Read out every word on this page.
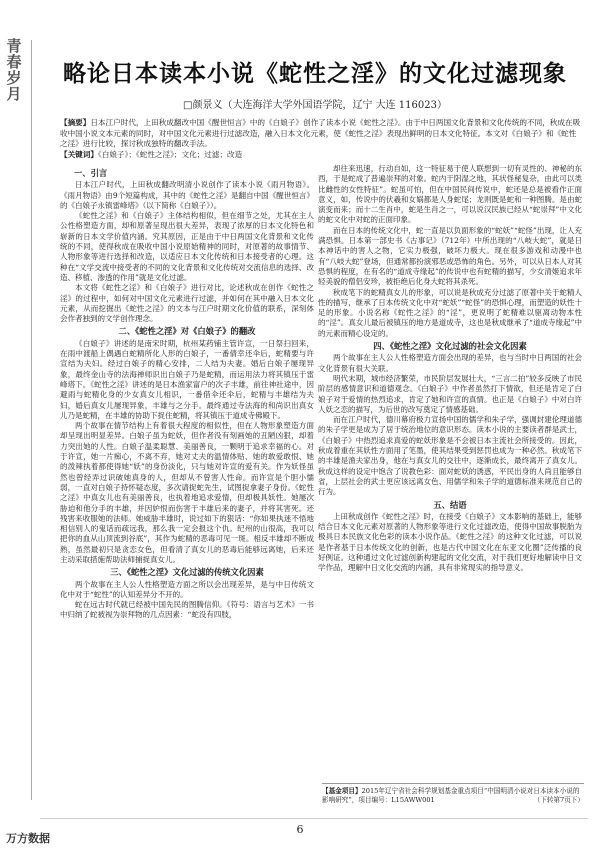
青春岁月
略论日本读本小说《蛇性之淫》的文化过滤现象
□颜景义（大连海洋大学外国语学院，辽宁 大连 116023）
【摘要】日本江户时代，上田秋成翻改中国《醒世恒言》中的《白娘子》创作了读本小说《蛇性之淫》。由于中日两国文化背景和文化传统的不同，秋成在吸收中国小说文本元素的同时，对中国文化元素进行过滤改造，融入日本文化元素，使《蛇性之淫》表现出鲜明的日本文化特征。本文对《白娘子》和《蛇性之淫》进行比较，探讨秋成独特的翻改手法。
【关键词】《白娘子》；《蛇性之淫》；文化；过滤；改造
一、引言

日本江户时代，上田秋成翻改明清小说创作了读本小说《雨月物语》。《雨月物语》由9个短篇构成，其中的《蛇性之淫》是翻自中国《醒世恒言》的《白娘子永镇雷峰塔》（以下简称《白娘子》）。

《蛇性之淫》和《白娘子》主体结构相似，但在细节之处，尤其在主人公性格塑造方面，却和原著呈现出很大差异，表现了浓厚的日本文化特色和崭新的日本文学价值内涵。究其原因，正是由于中日两国文化背景和文化传统的不同，使得秋成在吸收中国小说原始精神的同时，对原著的故事情节、人物形象等进行选择和改造，以适应日本文化传统和日本接受者的心理。这种在“文学交流中接受者的不同的文化背景和文化传统对交流信息的选择、改造、移植、渗透的作用”就是文化过滤。

本文将《蛇性之淫》和《白娘子》进行对比，论述秋成在创作《蛇性之淫》的过程中，如何对中国文化元素进行过滤，并如何在其中融入日本文化元素，从而挖掘出《蛇性之淫》的文本与江户时期文化价值的联系，深刻体会作者独到的文学创作理念。

二、《蛇性之淫》对《白娘子》的翻改

《白娘子》讲述的是南宋时期，杭州某药铺主管许宣，一日祭扫回来，在雨中渡船上偶遇白蛇精所化人形的白娘子，一番倩幸还伞后，蛇精要与许宣结为夫妇。经过白娘子的精心安排，二人结为夫妻。婚后白娘子屡现异象，最终金山寺的法海禅师识出白娘子乃是蛇精，而运用法力将其镇压于雷峰塔下。《蛇性之淫》讲述的是日本渔家富户的次子丰雄，前往神社途中，因避雨与蛇精化身的少女真女儿相识，一番借伞还伞后，蛇精与丰雄结为夫妇，婚后真女儿屡现异象，丰雄与之分手。最终通过寺法海的和尚识出真女儿乃是蛇精，在丰雄的协助下捉住蛇精，将其镇压于道成寺佛殿下。

两个故事在情节结构上有着很大程度的相似性，但在人物形象塑造方面却呈现出明显差异。白娘子虽为蛇妖，但作者没有刻画她的丑陋凶狠，却着力突出她的人性。白娘子温柔聪慧、美丽善良，一颗明于追求幸福的心。对于许宣，她一片痴心，不离不弃，她对丈夫的温情体贴、她的敢爱敢恨、她的泼辣执着都使得她“妖”的身份淡化，只与她对许宣的爱有关。作为妖怪虽然也曾经弄过识破她真身的人，但却从不曾害人性命。而许宣是个胆小懦弱，一直对白娘子持怀疑态度，多次请捉蛇先生，试图捉拿妻子身份。《蛇性之淫》中真女儿也有美丽善良，也执着地追求爱情，但却极具妖性。她屡次胁迫和他分手的丰雄，并因妒恨而伤害于丰雄后来的妻子，并将其害死。还残害来收服她的法师。她威胁丰雄时，说过如下的狠话：“你如果执迷不悟地相信别人的鬼话而疏远我，那么我一定会报这个仇。纪州的山很高，我可以把你的血从山顶流到谷底”，其作为蛇精的恶毒可见一斑。相反丰雄却不断成熟，虽然最初只是贪恋女色，但看清了真女儿的恶毒后能够远离她，后来还主动采取措施帮助法师捕捉真女儿。

三、《蛇性之淫》文化过滤的传统文化因素

两个故事在主人公人性格塑造方面之所以会出现差异，是与中日传统文化中对于“蛇性”的认知差异分不开的。

蛇在远古时代就已经被中国先民的图腾信仰。《符号：语言与艺术》一书中归纳了蛇被视为崇拜物的几点因素：“蛇没有四肢，

却往来迅速，行动自如，这一特征易于使人联想到一切有灵性的、神秘的东西，于是蛇成了普遍崇拜的对象。蛇内于阴湿之地，其状怪秘复杂，由此可以类比雌性的女性特征”。蛇虽可怕，但在中国民间传说中，蛇还是总是被看作正面意义，如，传说中的伏羲和女娲都是人身蛇尾；龙则既是蛇和一种图腾。是由蛇演变而来；而十二生肖中，蛇是生肖之一，可以说汉民族已经从“蛇崇拜”中文化的蛇文化中对蛇的正面印象。

而在日本的传统文化中，蛇一直是以负面形象的“蛇妖”“蛇怪”出现，让人充满恐惧。日本第一部史书《古事记》（712年）中所出现的“八岐大蛇”，就是日本神话中的害人之物，它实力极强，破坏力极大。现在很多游戏和动漫中也有“八岐大蛇”登场，但通常都扮演邪恶或恐怖的角色。另外，可以从日本人对其恐惧的程度，在有名的“道成寺缘起”的传说中也有蛇精的描写，少女清姬追求年轻美貌的僧侣安珍，被拒绝后化身大蛇将其杀死。

秋成笔下的蛇精真女儿的形象，可以说是秋成充分过滤了原著中关于蛇精人性的描写，继承了日本传统文化中对“蛇妖”“蛇怪”的恐惧心理，而塑造的妖性十足的形象。小说名称《蛇性之淫》的“淫”，更说明了蛇精难以驱离动物本性的“淫”。真女儿最后被镇压的地方是道成寺，这也是秋成继承了“道成寺缘起”中的元素而精心设定的。

四、《蛇性之淫》文化过滤的社会文化因素

两个故事在主人公人性格塑造方面会出现的差异，也与当时中日两国的社会文化背景有很大关联。

明代末期，城市经济繁荣，市民阶层发展壮大，“三言二拍”较多反映了市民阶层的感情意识和道德观念。《白娘子》中作者虽然打下情欲，但还是肯定了白娘子对于爱情的热烈追求，肯定了她和许宣的真情。也正是《白娘子》中对白许人妖之恋的描写，为后世的改写奠定了情感基础。

而在江户时代，德川幕府极力宣扬中国的儒学和朱子学，强调封建伦理道德的朱子学更是成为了居于统治地位的意识形态。读本小说的主要读者群是武士，《白娘子》中热烈追求真爱的蛇妖形象是不会被日本主流社会所接受的。因此，秋成着重在其妖性方面用了笔墨，使其结果受到惩罚也成为一种必然。秋成笔下的丰雄是渔夫家出身，他在与真女儿的交往中，逐渐成长，最终离开了真女儿。秋成这样的设定中饱含了说教色彩：面对蛇妖的诱惑，平民出身的人尚且能够自省，上层社会的武士更应该远离女色、用儒学和朱子学的道德标准来规范自己的行为。

五、结语

上田秋成创作《蛇性之淫》时，在接受《白娘子》文本影响的基础上，能够结合日本文化元素对原著的人物形象等进行文化过滤改造，使得中国故事脱胎为极具日本民族文化色彩的读本小说作品。《蛇性之淫》的这种文化过滤，可以说是作者基于日本传统文化的创新，也是古代中国文化在东亚文化圈”泛传播的良好例证。这种通过文化过滤创新构建起的文化交流，对于我们更好地解读中日文学作品，理解中日文化交流的内涵，具有非常现实的指导意义。

【基金项目】2015年辽宁省社会科学规划基金重点项目“中国明清小说对日本读本小说的影响研究”，项目编号：L15AWW001	（下转第7页下）
6
万方数据
